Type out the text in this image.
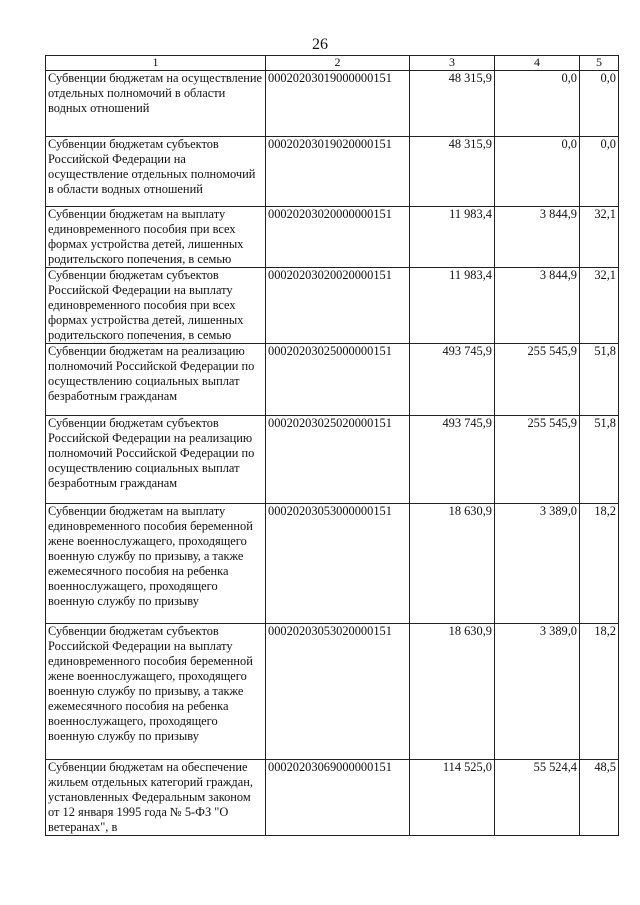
26
1	2	3	4	5
Субвенции бюджетам на осуществление отдельных полномочий в области водных отношений	00020203019000000151	48 315,9	0,0	0,0
Субвенции бюджетам субъектов Российской Федерации на осуществление отдельных полномочий в области водных отношений	00020203019020000151	48 315,9	0,0	0,0
Субвенции бюджетам на выплату единовременного пособия при всех формах устройства детей, лишенных родительского попечения, в семью	00020203020000000151	11 983,4	3 844,9	32,1
Субвенции бюджетам субъектов Российской Федерации на выплату единовременного пособия при всех формах устройства детей, лишенных родительского попечения, в семью	00020203020020000151	11 983,4	3 844,9	32,1
Субвенции бюджетам на реализацию полномочий Российской Федерации по осуществлению социальных выплат безработным гражданам	00020203025000000151	493 745,9	255 545,9	51,8
Субвенции бюджетам субъектов Российской Федерации на реализацию полномочий Российской Федерации по осуществлению социальных выплат безработным гражданам	00020203025020000151	493 745,9	255 545,9	51,8
Субвенции бюджетам на выплату единовременного пособия беременной жене военнослужащего, проходящего военную службу по призыву, а также ежемесячного пособия на ребенка военнослужащего, проходящего военную службу по призыву	00020203053000000151	18 630,9	3 389,0	18,2
Субвенции бюджетам субъектов Российской Федерации на выплату единовременного пособия беременной жене военнослужащего, проходящего военную службу по призыву, а также ежемесячного пособия на ребенка военнослужащего, проходящего военную службу по призыву	00020203053020000151	18 630,9	3 389,0	18,2
Субвенции бюджетам на обеспечение жильем отдельных категорий граждан, установленных Федеральным законом от 12 января 1995 года № 5-ФЗ "О ветеранах", в	00020203069000000151	114 525,0	55 524,4	48,5
